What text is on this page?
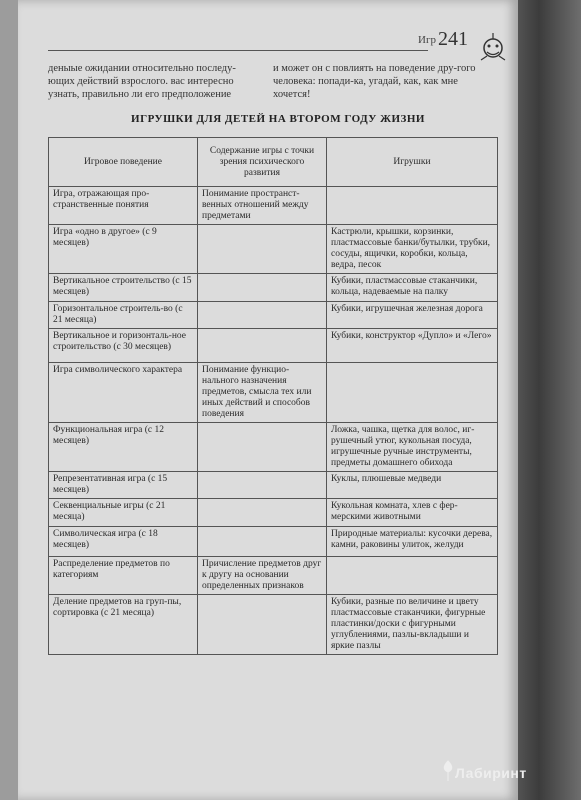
Игр 241
деныые ожидании относительно последу-ющих действий взрослого. вас интересно узнать, правильно ли его предположение
и может он с повлиять на поведение дру-гого человека: попади-ка, угадай, как, как мне хочется!
ИГРУШКИ ДЛЯ ДЕТЕЙ НА ВТОРОМ ГОДУ ЖИЗНИ
Игровое поведение	Содержание игры с точки зрения психического развития	Игрушки
Игра, отражающая про-странственные понятия	Понимание пространст-венных отношений между предметами	
Игра «одно в другое» (с 9 месяцев)		Кастрюли, крышки, корзинки, пластмассовые банки/бутылки, трубки, сосуды, ящички, коробки, кольца, ведра, песок
Вертикальное строительство (с 15 месяцев)		Кубики, пластмассовые стаканчики, кольца, надеваемые на палку
Горизонтальное строитель-во (с 21 месяца)		Кубики, игрушечная железная дорога
Вертикальное и горизонталь-ное строительство (с 30 месяцев)		Кубики, конструктор «Дупло» и «Лего»
Игра символического характера	Понимание функцио-нального назначения предметов, смысла тех или иных действий и способов поведения	
Функциональная игра (с 12 месяцев)		Ложка, чашка, щетка для волос, иг-рушечный утюг, кукольная посуда, игрушечные ручные инструменты, предметы домашнего обихода
Репрезентативная игра (с 15 месяцев)		Куклы, плюшевые медведи
Секвенциальные игры (с 21 месяца)		Кукольная комната, хлев с фер-мерскими животными
Символическая игра (с 18 месяцев)		Природные материалы: кусочки дерева, камни, раковины улиток, желуди
Распределение предметов по категориям	Причисление предметов друг к другу на основании определенных признаков	
Деление предметов на груп-пы, сортировка (с 21 месяца)		Кубики, разные по величине и цвету пластмассовые стаканчики, фигурные пластинки/доски с фигурными углублениями, пазлы-вкладыши и яркие пазлы
Лабиринт
